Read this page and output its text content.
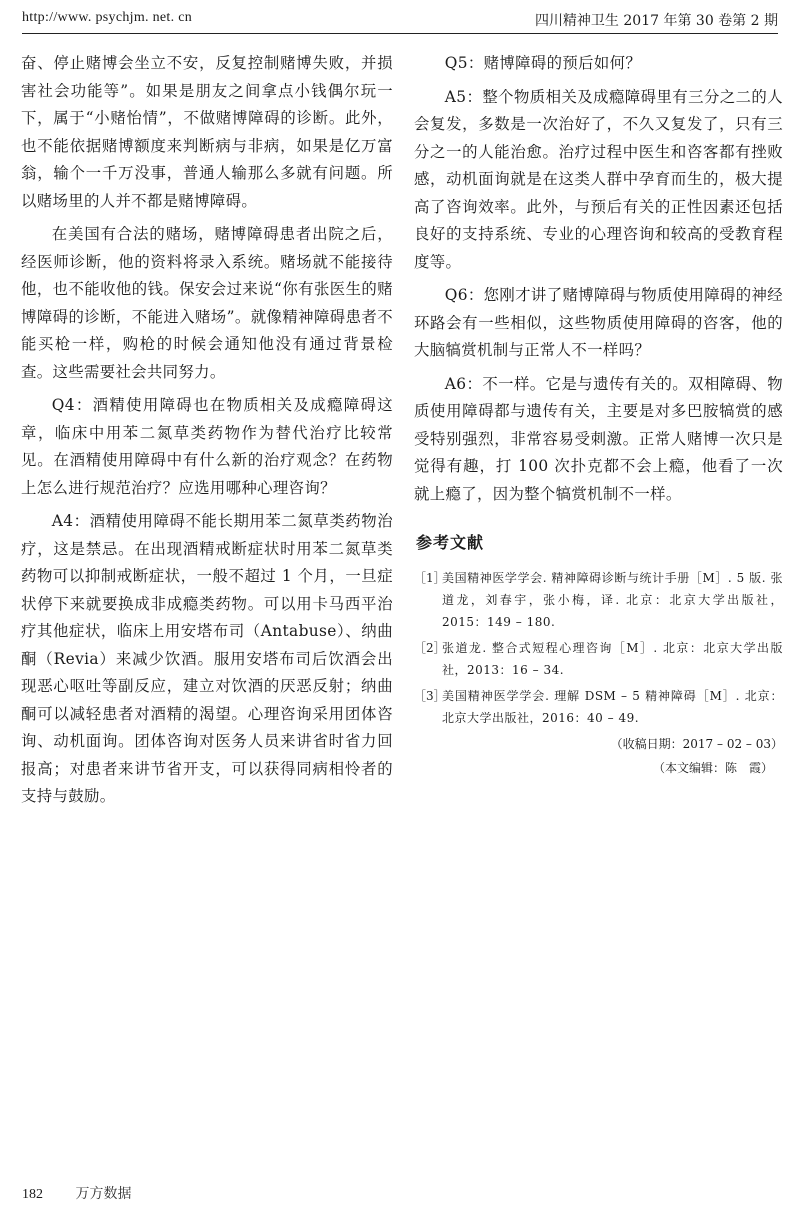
http://www. psychjm. net. cn	四川精神卫生 2017 年第 30 卷第 2 期

奋、停止赌博会坐立不安，反复控制赌博失败，并损害社会功能等”。如果是朋友之间拿点小钱偶尔玩一下，属于“小赌怡情”，不做赌博障碍的诊断。此外，也不能依据赌博额度来判断病与非病，如果是亿万富翁，输个一千万没事，普通人输那么多就有问题。所以赌场里的人并不都是赌博障碍。

在美国有合法的赌场，赌博障碍患者出院之后，经医师诊断，他的资料将录入系统。赌场就不能接待他，也不能收他的钱。保安会过来说“你有张医生的赌博障碍的诊断，不能进入赌场”。就像精神障碍患者不能买枪一样，购枪的时候会通知他没有通过背景检查。这些需要社会共同努力。

Q4：酒精使用障碍也在物质相关及成瘾障碍这章，临床中用苯二氮草类药物作为替代治疗比较常见。在酒精使用障碍中有什么新的治疗观念？在药物上怎么进行规范治疗？应选用哪种心理咨询？

A4：酒精使用障碍不能长期用苯二氮草类药物治疗，这是禁忌。在出现酒精戒断症状时用苯二氮草类药物可以抑制戒断症状，一般不超过 1 个月，一旦症状停下来就要换成非成瘾类药物。可以用卡马西平治疗其他症状，临床上用安塔布司（Antabuse）、纳曲酮（Revia）来减少饮酒。服用安塔布司后饮酒会出现恶心呕吐等副反应，建立对饮酒的厌恶反射；纳曲酮可以减轻患者对酒精的渴望。心理咨询采用团体咨询、动机面询。团体咨询对医务人员来讲省时省力回报高；对患者来讲节省开支，可以获得同病相怜者的支持与鼓励。

Q5：赌博障碍的预后如何？

A5：整个物质相关及成瘾障碍里有三分之二的人会复发，多数是一次治好了，不久又复发了，只有三分之一的人能治愈。治疗过程中医生和咨客都有挫败感，动机面询就是在这类人群中孕育而生的，极大提高了咨询效率。此外，与预后有关的正性因素还包括良好的支持系统、专业的心理咨询和较高的受教育程度等。

Q6：您刚才讲了赌博障碍与物质使用障碍的神经环路会有一些相似，这些物质使用障碍的咨客，他的大脑犒赏机制与正常人不一样吗？

A6：不一样。它是与遗传有关的。双相障碍、物质使用障碍都与遗传有关，主要是对多巴胺犒赏的感受特别强烈，非常容易受刺激。正常人赌博一次只是觉得有趣，打 100 次扑克都不会上瘾，他看了一次就上瘾了，因为整个犒赏机制不一样。

参考文献
［1］
美国精神医学学会. 精神障碍诊断与统计手册［M］. 5 版. 张道龙，刘春宇，张小梅，译. 北京：北京大学出版社，2015：149 – 180.
［2］
张道龙. 整合式短程心理咨询［M］. 北京：北京大学出版社，2013：16 – 34.
［3］
美国精神医学学会. 理解 DSM – 5 精神障碍［M］. 北京：北京大学出版社，2016：40 – 49.
（收稿日期：2017 – 02 – 03）
（本文编辑：陈　霞）
182 万方数据
